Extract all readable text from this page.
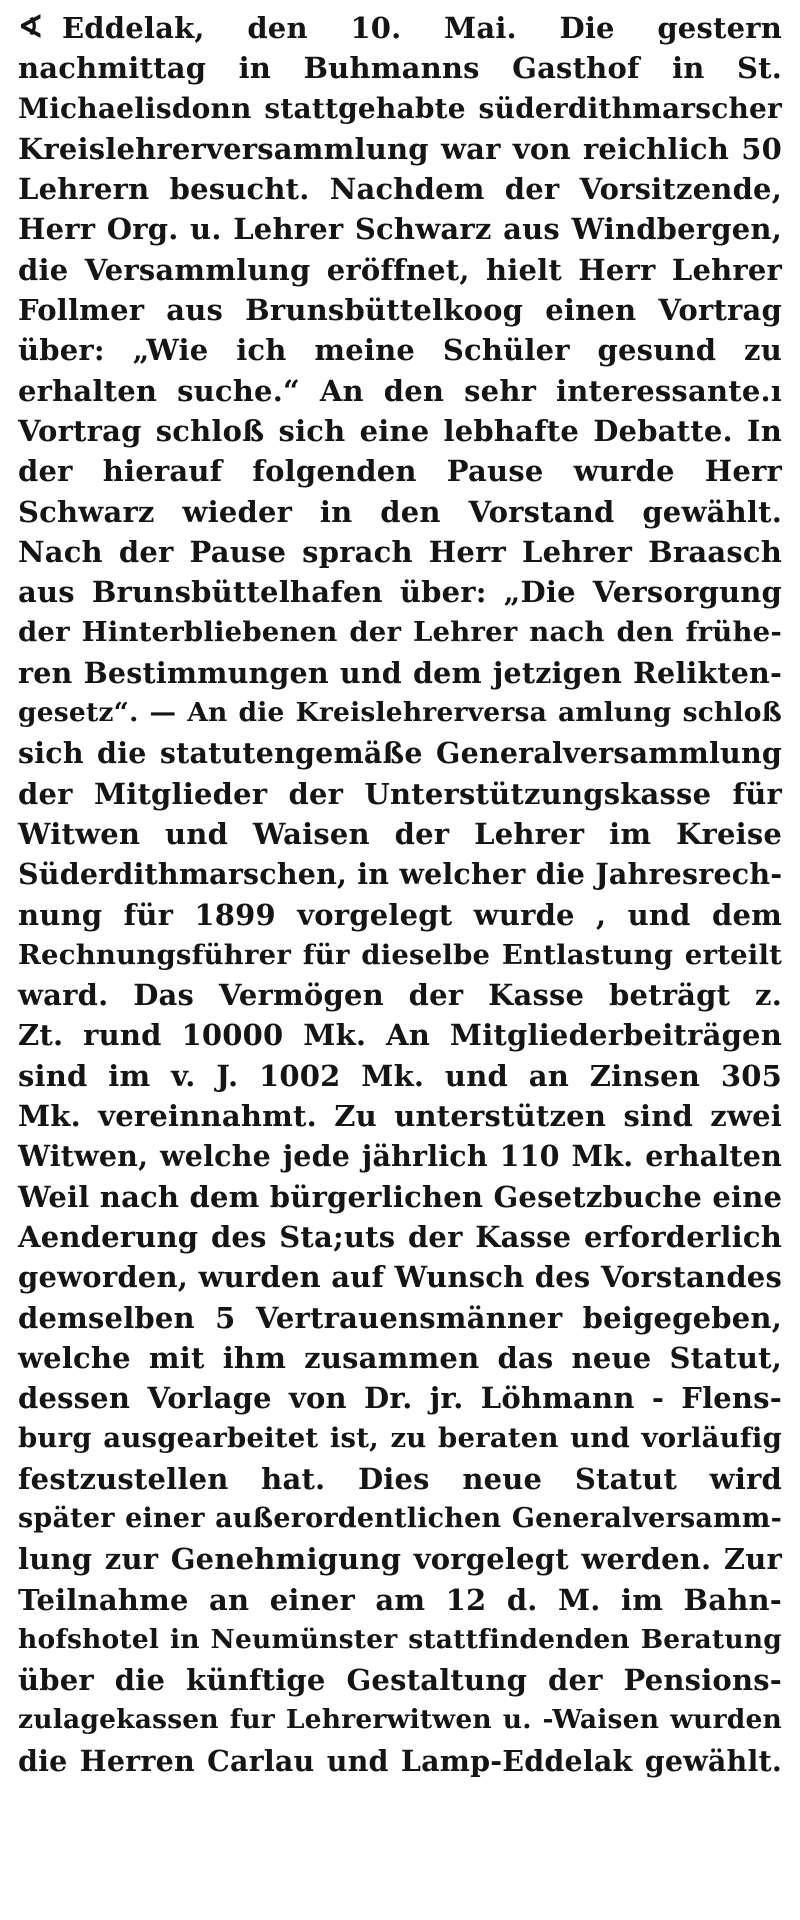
∢ Eddelak, den 10. Mai. Die gestern
nachmittag in Buhmanns Gasthof in St.
Michaelisdonn stattgehabte süderdithmarscher
Kreislehrerversammlung war von reichlich 50
Lehrern besucht. Nachdem der Vorsitzende,
Herr Org. u. Lehrer Schwarz aus Windbergen,
die Versammlung eröffnet, hielt Herr Lehrer
Follmer aus Brunsbüttelkoog einen Vortrag
über: „Wie ich meine Schüler gesund zu
erhalten suche.“ An den sehr interessante.ı
Vortrag schloß sich eine lebhafte Debatte. In
der hierauf folgenden Pause wurde Herr
Schwarz wieder in den Vorstand gewählt.
Nach der Pause sprach Herr Lehrer Braasch
aus Brunsbüttelhafen über: „Die Versorgung
der Hinterbliebenen der Lehrer nach den frühe-
ren Bestimmungen und dem jetzigen Relikten-
gesetz“. — An die Kreislehrerversa amlung schloß
sich die statutengemäße Generalversammlung
der Mitglieder der Unterstützungskasse für
Witwen und Waisen der Lehrer im Kreise
Süderdithmarschen, in welcher die Jahresrech-
nung für 1899 vorgelegt wurde , und dem
Rechnungsführer für dieselbe Entlastung erteilt
ward. Das Vermögen der Kasse beträgt z.
Zt. rund 10000 Mk. An Mitgliederbeiträgen
sind im v. J. 1002 Mk. und an Zinsen 305
Mk. vereinnahmt. Zu unterstützen sind zwei
Witwen, welche jede jährlich 110 Mk. erhalten
Weil nach dem bürgerlichen Gesetzbuche eine
Aenderung des Sta;uts der Kasse erforderlich
geworden, wurden auf Wunsch des Vorstandes
demselben 5 Vertrauensmänner beigegeben,
welche mit ihm zusammen das neue Statut,
dessen Vorlage von Dr. jr. Löhmann - Flens-
burg ausgearbeitet ist, zu beraten und vorläufig
festzustellen hat. Dies neue Statut wird
später einer außerordentlichen Generalversamm-
lung zur Genehmigung vorgelegt werden. Zur
Teilnahme an einer am 12 d. M. im Bahn-
hofshotel in Neumünster stattfindenden Beratung
über die künftige Gestaltung der Pensions-
zulagekassen fur Lehrerwitwen u. -Waisen wurden
die Herren Carlau und Lamp-Eddelak gewählt.
